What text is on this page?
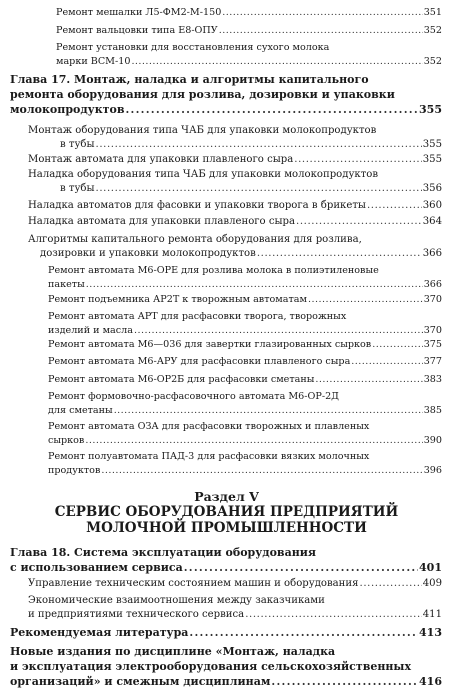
Ремонт мешалки Л5-ФМ2-М-150 . . .	351
Ремонт вальцовки типа Е8-ОПУ . . .	352
Ремонт установки для восстановления сухого молока
марки ВСМ-10 . . .	352
Глава 17. Монтаж, наладка и алгоритмы капитального
ремонта оборудования для розлива, дозировки и упаковки
молокопродуктов . . .	355
Монтаж оборудования типа ЧАБ для упаковки молокопродуктов
в тубы . . .	355
Монтаж автомата для упаковки плавленого сыра . . .	355
Наладка оборудования типа ЧАБ для упаковки молокопродуктов
в тубы . . .	356
Наладка автоматов для фасовки и упаковки творога в брикеты . . .	360
Наладка автомата для упаковки плавленого сыра . . .	364
Алгоритмы капитального ремонта оборудования для розлива,
дозировки и упаковки молокопродуктов . . .	366
Ремонт автомата М6-ОРЕ для розлива молока в полиэтиленовые
пакеты . . .	366
Ремонт подъемника АР2Т к творожным автоматам . . .	370
Ремонт автомата АРТ для расфасовки творога, творожных
изделий и масла . . .	370
Ремонт автомата М6—036 для завертки глазированных сырков . . .	375
Ремонт автомата М6-АРУ для расфасовки плавленого сыра . . .	377
Ремонт автомата М6-ОР2Б для расфасовки сметаны . . .	383
Ремонт формовочно-расфасовочного автомата М6-ОР-2Д
для сметаны . . .	385
Ремонт автомата ОЗА для расфасовки творожных и плавленых
сырков . . .	390
Ремонт полуавтомата ПАД-3 для расфасовки вязких молочных
продуктов . . .	396
Раздел V
СЕРВИС ОБОРУДОВАНИЯ ПРЕДПРИЯТИЙ
МОЛОЧНОЙ ПРОМЫШЛЕННОСТИ
Глава 18. Система эксплуатации оборудования
с использованием сервиса . . .	401
Управление техническим состоянием машин и оборудования . . .	409
Экономические взаимоотношения между заказчиками
и предприятиями технического сервиса . . .	411
Рекомендуемая литература . . .	413
Новые издания по дисциплине «Монтаж, наладка
и эксплуатация электрооборудования сельскохозяйственных
организаций» и смежным дисциплинам . . .	416
